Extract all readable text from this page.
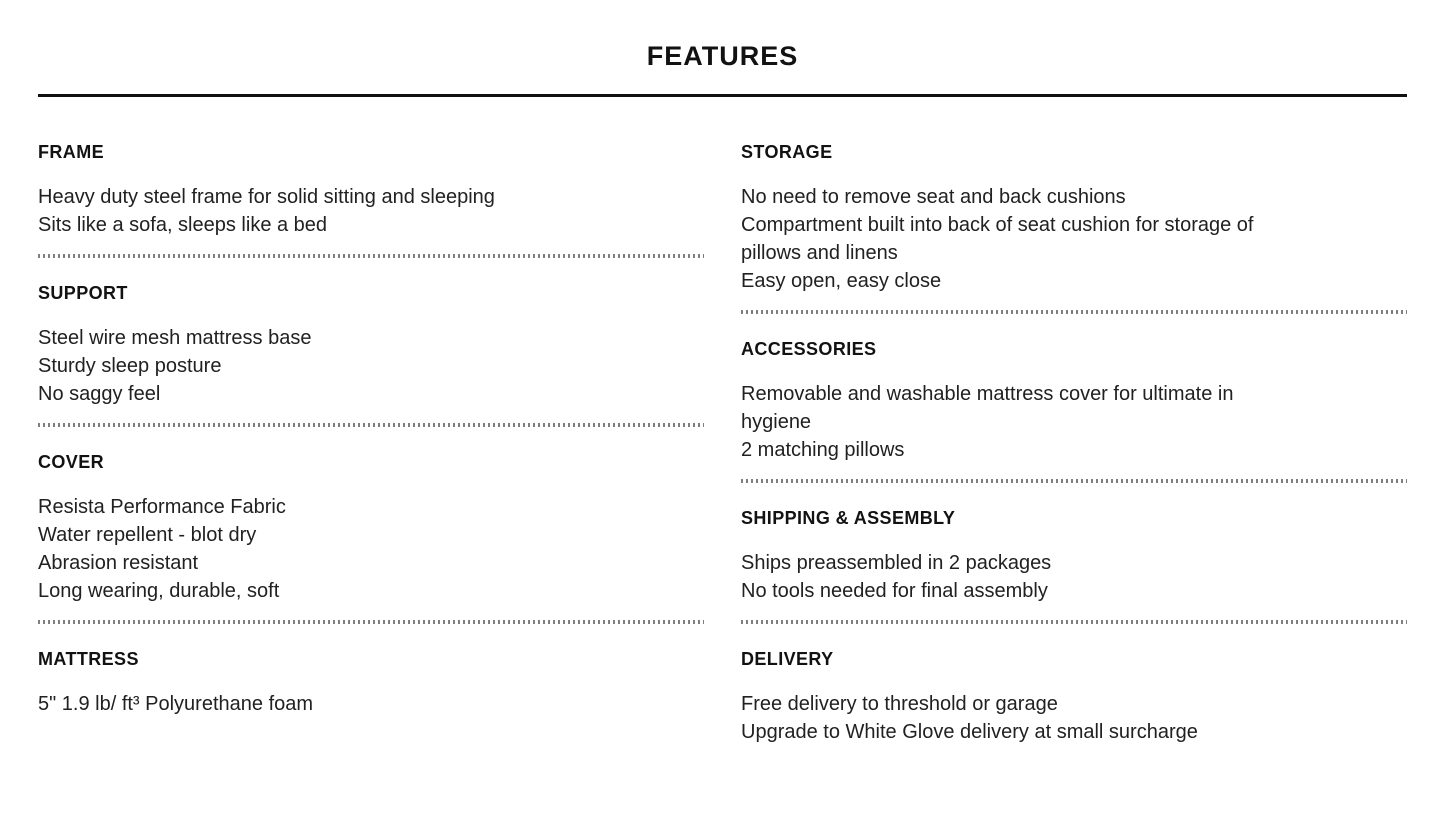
FEATURES
FRAME

Heavy duty steel frame for solid sitting and sleeping

Sits like a sofa, sleeps like a bed

SUPPORT

Steel wire mesh mattress base

Sturdy sleep posture

No saggy feel

COVER

Resista Performance Fabric

Water repellent - blot dry

Abrasion resistant

Long wearing, durable, soft

MATTRESS

5" 1.9 lb/ ft³ Polyurethane foam

STORAGE

No need to remove seat and back cushions

Compartment built into back of seat cushion for storage of

pillows and linens

Easy open, easy close

ACCESSORIES

Removable and washable mattress cover for ultimate in

hygiene

2 matching pillows

SHIPPING & ASSEMBLY

Ships preassembled in 2 packages

No tools needed for final assembly

DELIVERY

Free delivery to threshold or garage

Upgrade to White Glove delivery at small surcharge
